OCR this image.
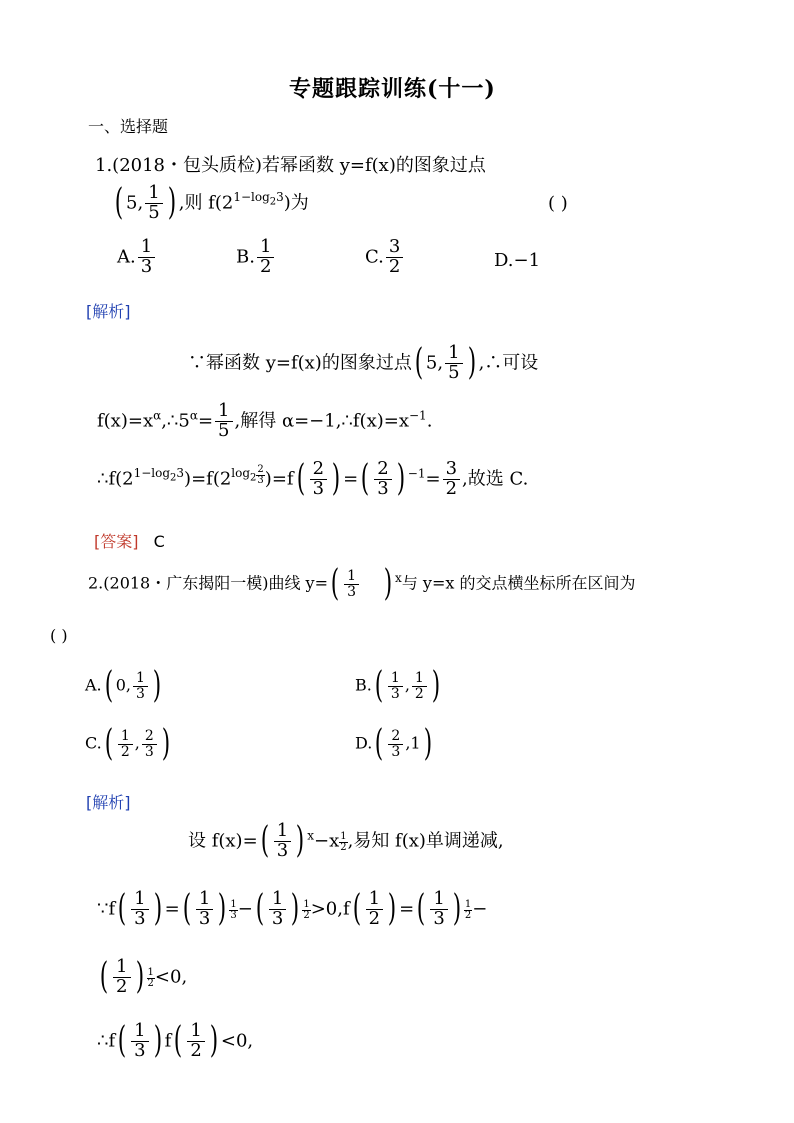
专题跟踪训练(十一)
一、选择题
1.(2018・包头质检)若幂函数 y=f(x)的图象过点
( 5, $\frac{1}{5}$ ) ,则 $f(2^{1-log_23})$为	( )
A. $\frac{1}{3}$	B. $\frac{1}{2}$	C. $\frac{3}{2}$	D.−1
[解析]
∵幂函数 y=f(x)的图象过点( 5, $\frac{1}{5}$ ) ,∴可设
$f(x)=x^\alpha,\therefore 5^\alpha= \frac{1}{5}$ ,解得 $\alpha=-1,\therefore f(x)=x^{-1}$.
$\therefore f(2^{1-log_23})=f(2^{log_2 \frac{2}{3}}$ )$=f( \frac{2}{3}$ ) =( $\frac{2}{3}$ ) $^{-1}= \frac{3}{2}$ ,故选 C.
[答案] C
2.(2018・广东揭阳一模)曲线 $y=( \frac{1}{3}$ ) $^x$与 y=x 的交点横坐标所在区间为
( )
A.( 0, $\frac{1}{3}$ )	$B.( \frac{1}{3}$ , $\frac{1}{2}$ )
$C.( \frac{1}{2}$ , $\frac{2}{3}$ )	$D.( \frac{2}{3} ,1)$
[解析]
设 $f(x)=( \frac{1}{3}$ ) $^x-x \frac{1}{2}$ ,易知 f(x)单调递减,
∵f( $\frac{1}{3}$ ) =( $\frac{1}{3}$ ) $\frac{1}{3}$ −( $\frac{1}{3}$ ) $\frac{1}{2} >0,f( \frac{1}{2}$ ) =( $\frac{1}{3}$ ) $\frac{1}{2}$ −
( $\frac{1}{2}$ ) $\frac{1}{2} <0$,
∴f( $\frac{1}{3}$ ) $f( \frac{1}{2}$ ) <0,
